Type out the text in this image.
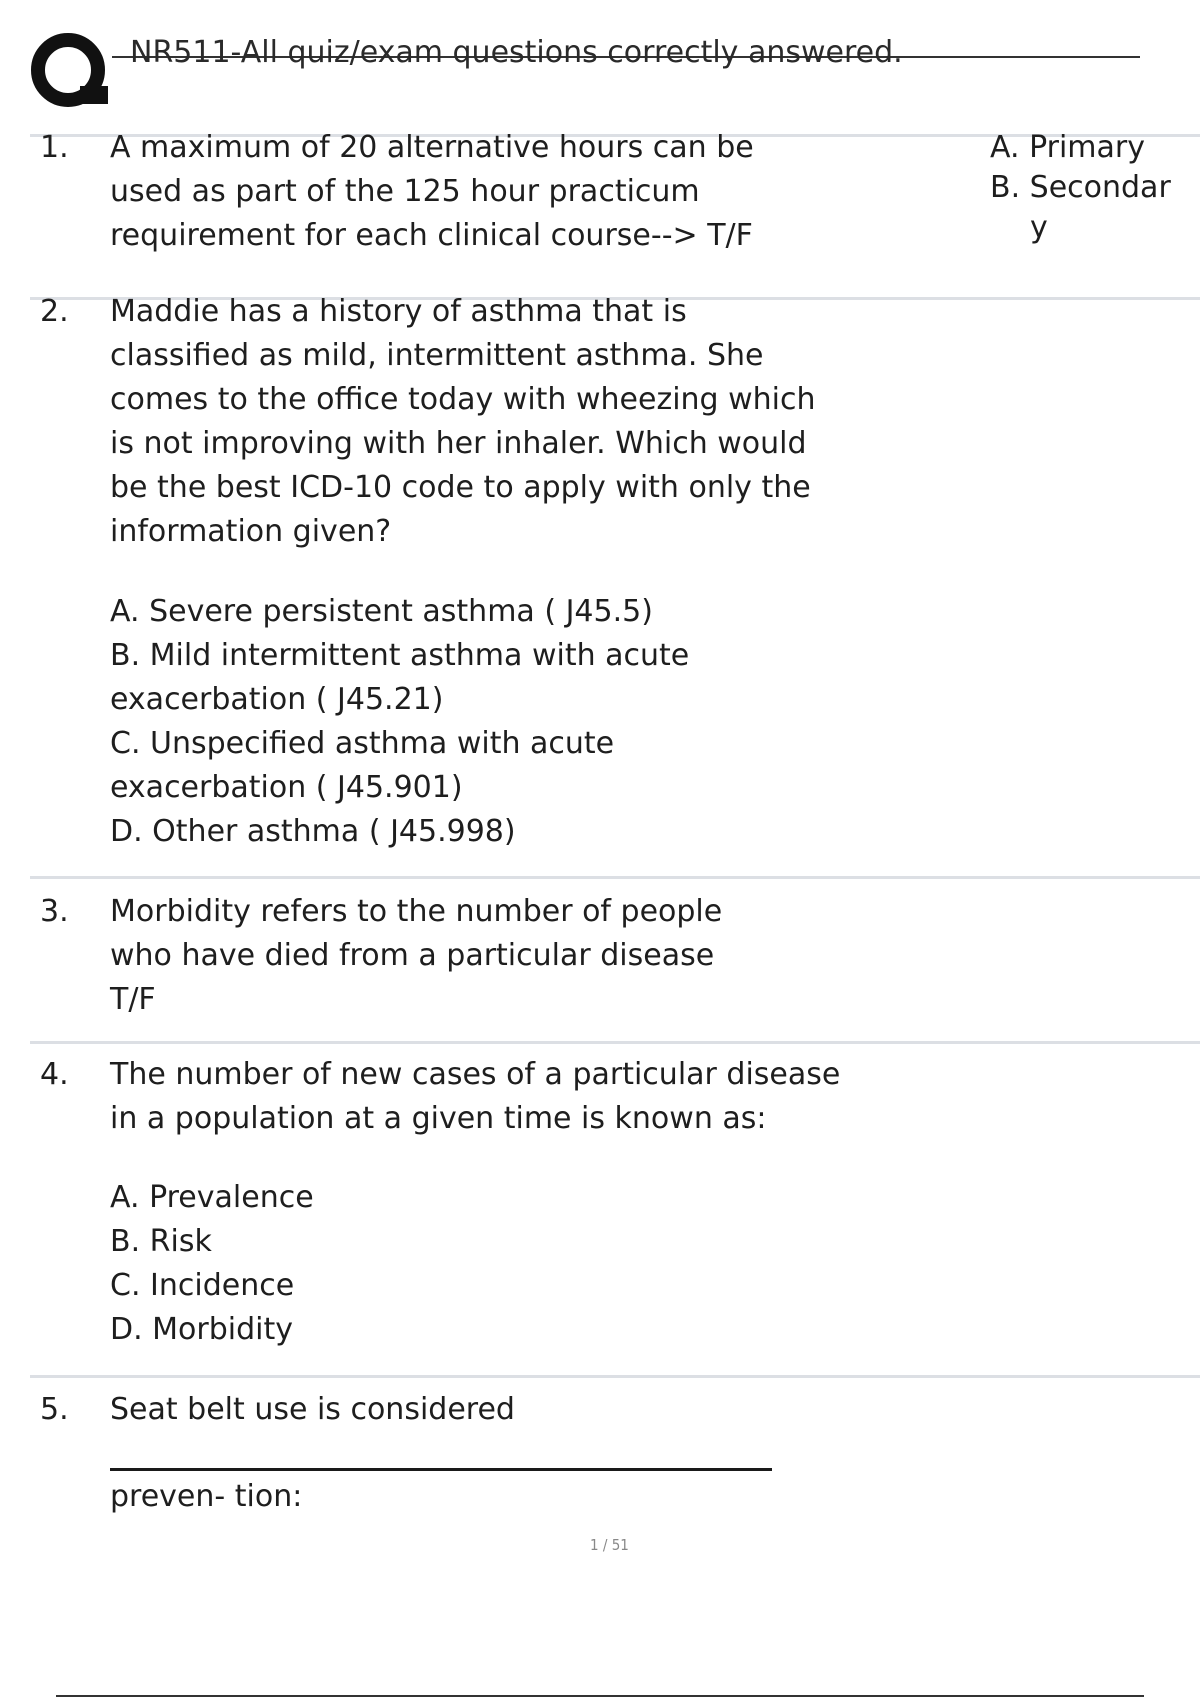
NR511-All quiz/exam questions correctly answered.
1. A maximum of 20 alternative hours can be
used as part of the 125 hour practicum
requirement for each clinical course--> T/F
A. Primary
B. Secondar
y
2. Maddie has a history of asthma that is
classified as mild, intermittent asthma. She
comes to the office today with wheezing which
is not improving with her inhaler. Which would
be the best ICD-10 code to apply with only the
information given?
A. Severe persistent asthma ( J45.5)
B. Mild intermittent asthma with acute
exacerbation ( J45.21)
C. Unspecified asthma with acute
exacerbation ( J45.901)
D. Other asthma ( J45.998)
3. Morbidity refers to the number of people
who have died from a particular disease
T/F
4. The number of new cases of a particular disease
in a population at a given time is known as:
A. Prevalence
B. Risk
C. Incidence
D. Morbidity
5. Seat belt use is considered
preven- tion:
1 / 51
